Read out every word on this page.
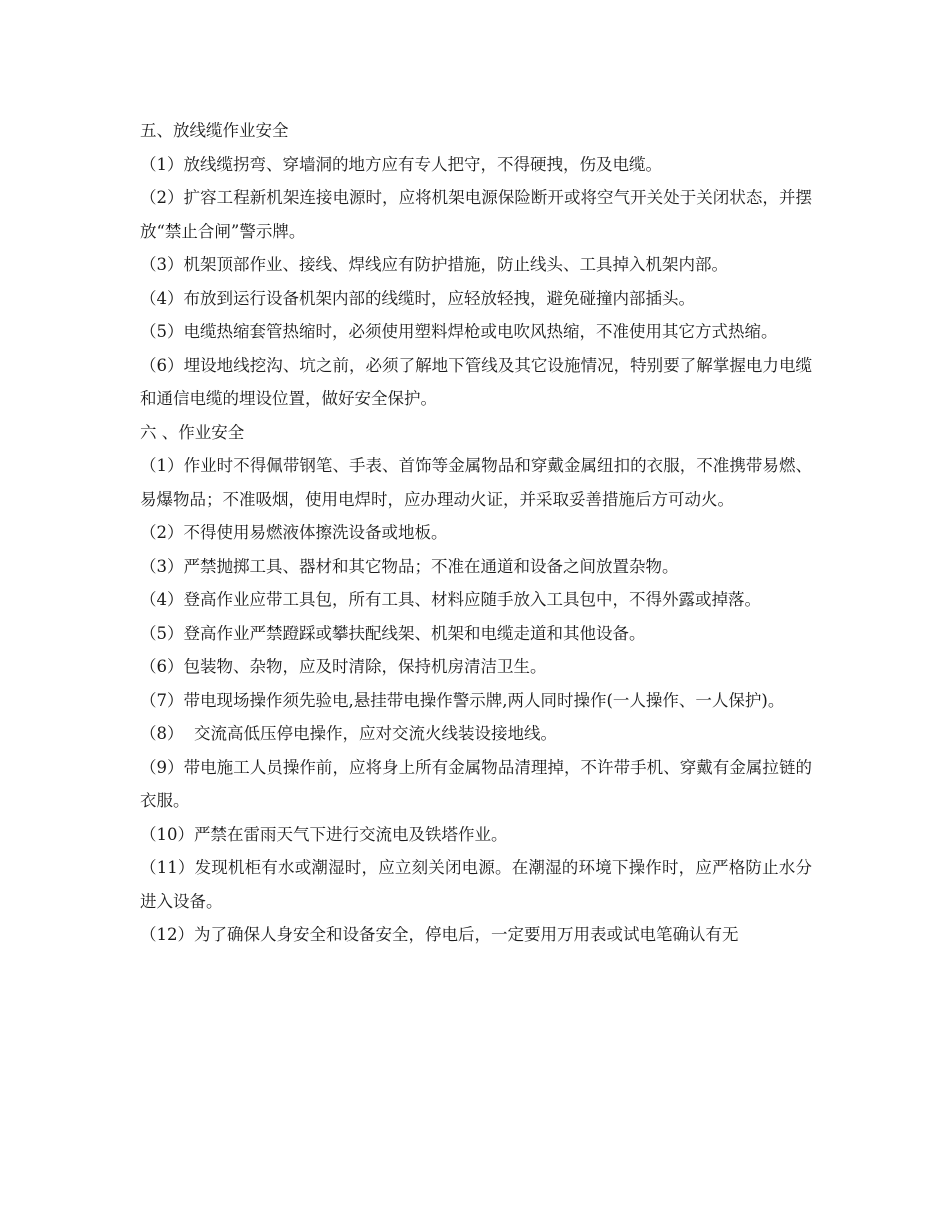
五、放线缆作业安全

（1）放线缆拐弯、穿墙洞的地方应有专人把守，不得硬拽，伤及电缆。

（2）扩容工程新机架连接电源时，应将机架电源保险断开或将空气开关处于关闭状态，并摆放“禁止合闸”警示牌。

（3）机架顶部作业、接线、焊线应有防护措施，防止线头、工具掉入机架内部。

（4）布放到运行设备机架内部的线缆时，应轻放轻拽，避免碰撞内部插头。

（5）电缆热缩套管热缩时，必须使用塑料焊枪或电吹风热缩，不准使用其它方式热缩。

（6）埋设地线挖沟、坑之前，必须了解地下管线及其它设施情况，特别要了解掌握电力电缆和通信电缆的埋设位置，做好安全保护。

六 、作业安全

（1）作业时不得佩带钢笔、手表、首饰等金属物品和穿戴金属纽扣的衣服，不准携带易燃、易爆物品；不准吸烟，使用电焊时，应办理动火证，并采取妥善措施后方可动火。

（2）不得使用易燃液体擦洗设备或地板。

（3）严禁抛掷工具、器材和其它物品；不准在通道和设备之间放置杂物。

（4）登高作业应带工具包，所有工具、材料应随手放入工具包中，不得外露或掉落。

（5）登高作业严禁蹬踩或攀扶配线架、机架和电缆走道和其他设备。

（6）包装物、杂物，应及时清除，保持机房清洁卫生。

（7）带电现场操作须先验电,悬挂带电操作警示牌,两人同时操作(一人操作、一人保护)。

（8）  交流高低压停电操作，应对交流火线装设接地线。

（9）带电施工人员操作前，应将身上所有金属物品清理掉，不许带手机、穿戴有金属拉链的衣服。

（10）严禁在雷雨天气下进行交流电及铁塔作业。

（11）发现机柜有水或潮湿时，应立刻关闭电源。在潮湿的环境下操作时，应严格防止水分进入设备。

（12）为了确保人身安全和设备安全，停电后，一定要用万用表或试电笔确认有无
